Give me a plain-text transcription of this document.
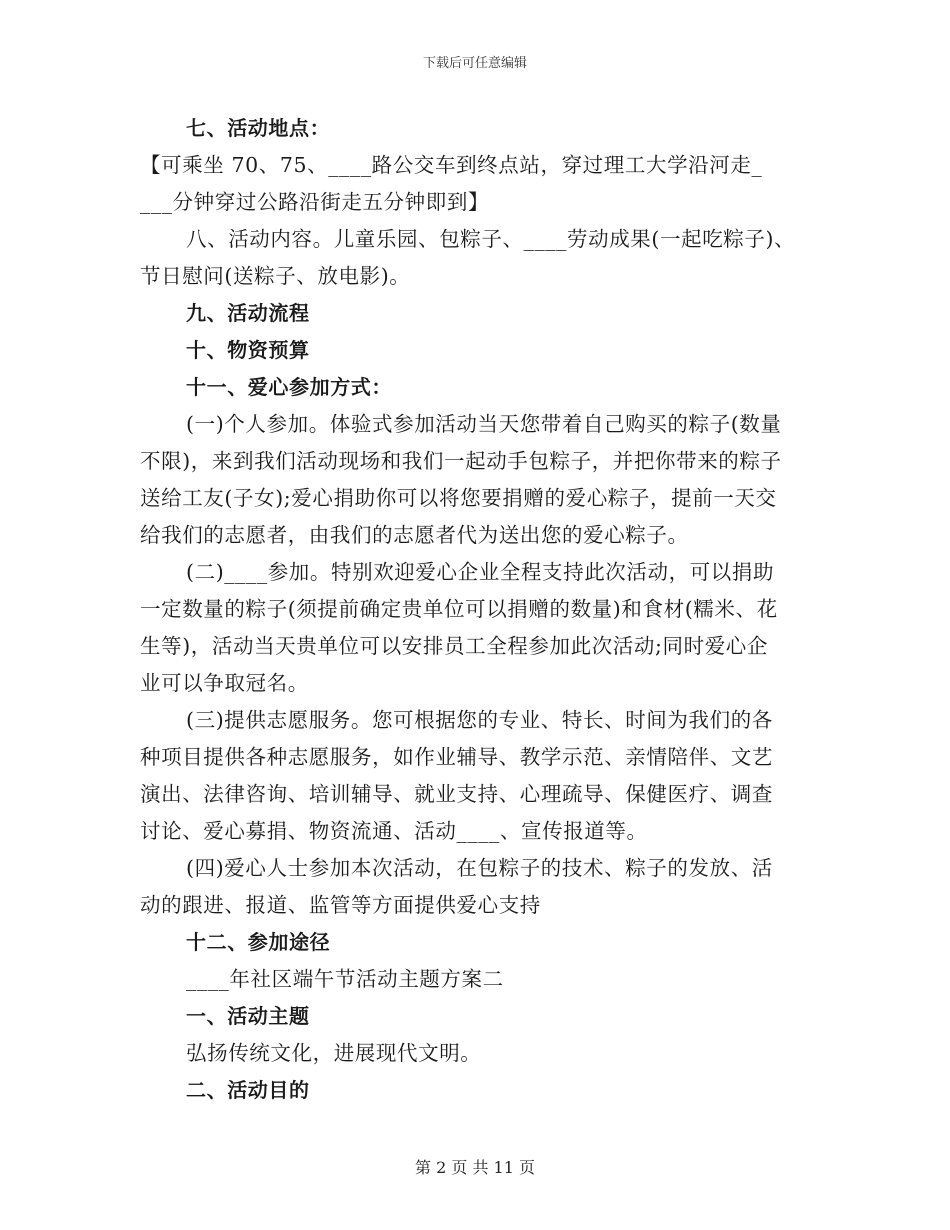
下载后可任意编辑
七、活动地点：
【可乘坐 70、75、____路公交车到终点站，穿过理工大学沿河走_
___分钟穿过公路沿街走五分钟即到】
八、活动内容。儿童乐园、包粽子、____劳动成果(一起吃粽子)、
节日慰问(送粽子、放电影)。
九、活动流程
十、物资预算
十一、爱心参加方式：
(一)个人参加。体验式参加活动当天您带着自己购买的粽子(数量
不限)，来到我们活动现场和我们一起动手包粽子，并把你带来的粽子
送给工友(子女);爱心捐助你可以将您要捐赠的爱心粽子，提前一天交
给我们的志愿者，由我们的志愿者代为送出您的爱心粽子。
(二)____参加。特别欢迎爱心企业全程支持此次活动，可以捐助
一定数量的粽子(须提前确定贵单位可以捐赠的数量)和食材(糯米、花
生等)，活动当天贵单位可以安排员工全程参加此次活动;同时爱心企
业可以争取冠名。
(三)提供志愿服务。您可根据您的专业、特长、时间为我们的各
种项目提供各种志愿服务，如作业辅导、教学示范、亲情陪伴、文艺
演出、法律咨询、培训辅导、就业支持、心理疏导、保健医疗、调查
讨论、爱心募捐、物资流通、活动____、宣传报道等。
(四)爱心人士参加本次活动，在包粽子的技术、粽子的发放、活
动的跟进、报道、监管等方面提供爱心支持
十二、参加途径
____年社区端午节活动主题方案二
一、活动主题
弘扬传统文化，进展现代文明。
二、活动目的
第 2 页 共 11 页
